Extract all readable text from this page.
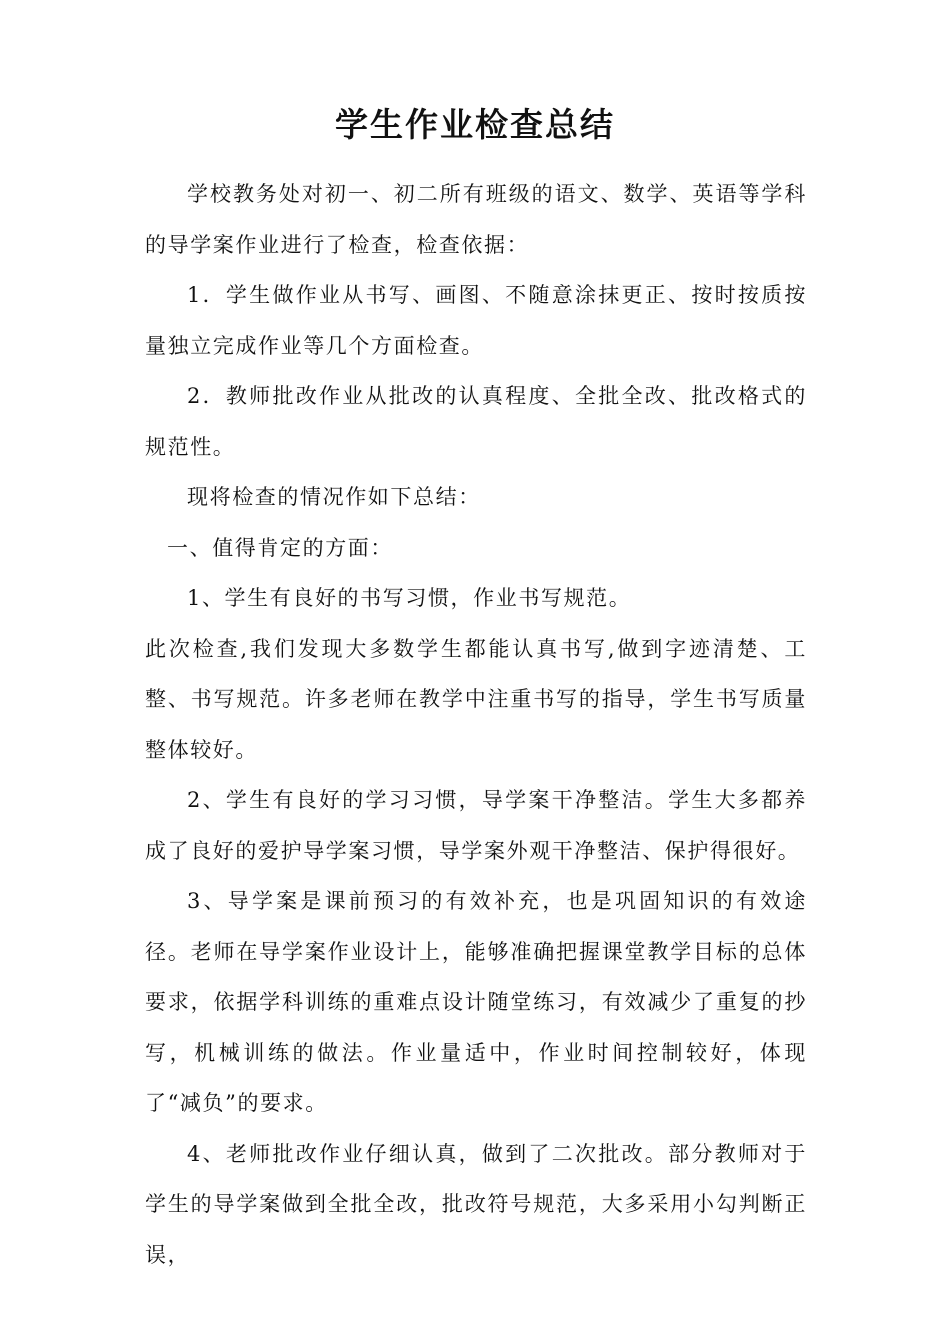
学生作业检查总结

学校教务处对初一、初二所有班级的语文、数学、英语等学科的导学案作业进行了检查，检查依据：

1．学生做作业从书写、画图、不随意涂抹更正、按时按质按量独立完成作业等几个方面检查。

2．教师批改作业从批改的认真程度、全批全改、批改格式的规范性。

现将检查的情况作如下总结：

一、值得肯定的方面：

1、学生有良好的书写习惯，作业书写规范。

此次检查,我们发现大多数学生都能认真书写,做到字迹清楚、工整、书写规范。许多老师在教学中注重书写的指导，学生书写质量整体较好。

2、学生有良好的学习习惯，导学案干净整洁。学生大多都养成了良好的爱护导学案习惯，导学案外观干净整洁、保护得很好。

3、导学案是课前预习的有效补充，也是巩固知识的有效途径。老师在导学案作业设计上，能够准确把握课堂教学目标的总体要求，依据学科训练的重难点设计随堂练习，有效减少了重复的抄写，机械训练的做法。作业量适中，作业时间控制较好，体现了“减负”的要求。

4、老师批改作业仔细认真，做到了二次批改。部分教师对于学生的导学案做到全批全改，批改符号规范，大多采用小勾判断正误，
